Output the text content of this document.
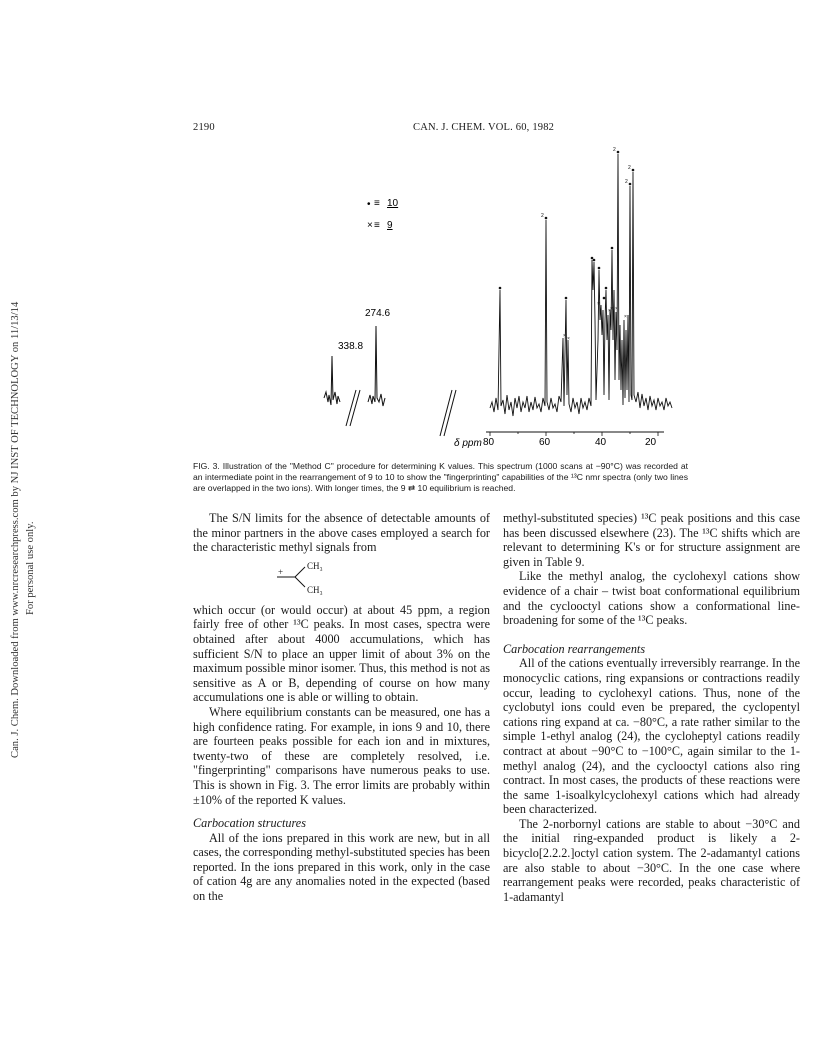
2190	CAN. J. CHEM. VOL. 60, 1982
Can. J. Chem. Downloaded from www.nrcresearchpress.com by NJ INST OF TECHNOLOGY on 11/13/14 For personal use only.
• ≡ 10
× ≡ 9
338.8
274.6
2
2
2
2
× ×
×
× ×
×
×
δ ppm 80	60	40	20
FIG. 3. Illustration of the "Method C" procedure for determining K values. This spectrum (1000 scans at −90°C) was recorded at an intermediate point in the rearrangement of 9 to 10 to show the "fingerprinting" capabilities of the ¹³C nmr spectra (only two lines are overlapped in the two ions). With longer times, the 9 ⇄ 10 equilibrium is reached.

The S/N limits for the absence of detectable amounts of the minor partners in the above cases employed a search for the characteristic methyl signals from

+
CH₃
CH₃

which occur (or would occur) at about 45 ppm, a region fairly free of other ¹³C peaks. In most cases, spectra were obtained after about 4000 accumulations, which has sufficient S/N to place an upper limit of about 3% on the maximum possible minor isomer. Thus, this method is not as sensitive as A or B, depending of course on how many accumulations one is able or willing to obtain.

Where equilibrium constants can be measured, one has a high confidence rating. For example, in ions 9 and 10, there are fourteen peaks possible for each ion and in mixtures, twenty-two of these are completely resolved, i.e. "fingerprinting" comparisons have numerous peaks to use. This is shown in Fig. 3. The error limits are probably within ±10% of the reported K values.

Carbocation structures

All of the ions prepared in this work are new, but in all cases, the corresponding methyl-substituted species has been reported. In the ions prepared in this work, only in the case of cation 4g are any anomalies noted in the expected (based on the

methyl-substituted species) ¹³C peak positions and this case has been discussed elsewhere (23). The ¹³C shifts which are relevant to determining K's or for structure assignment are given in Table 9.

Like the methyl analog, the cyclohexyl cations show evidence of a chair – twist boat conformational equilibrium and the cyclooctyl cations show a conformational line-broadening for some of the ¹³C peaks.

Carbocation rearrangements

All of the cations eventually irreversibly rearrange. In the monocyclic cations, ring expansions or contractions readily occur, leading to cyclohexyl cations. Thus, none of the cyclobutyl ions could even be prepared, the cyclopentyl cations ring expand at ca. −80°C, a rate rather similar to the simple 1-ethyl analog (24), the cycloheptyl cations readily contract at about −90°C to −100°C, again similar to the 1-methyl analog (24), and the cyclooctyl cations also ring contract. In most cases, the products of these reactions were the same 1-isoalkylcyclohexyl cations which had already been characterized.

The 2-norbornyl cations are stable to about −30°C and the initial ring-expanded product is likely a 2-bicyclo[2.2.2.]octyl cation system. The 2-adamantyl cations are also stable to about −30°C. In the one case where rearrangement peaks were recorded, peaks characteristic of 1-adamantyl
